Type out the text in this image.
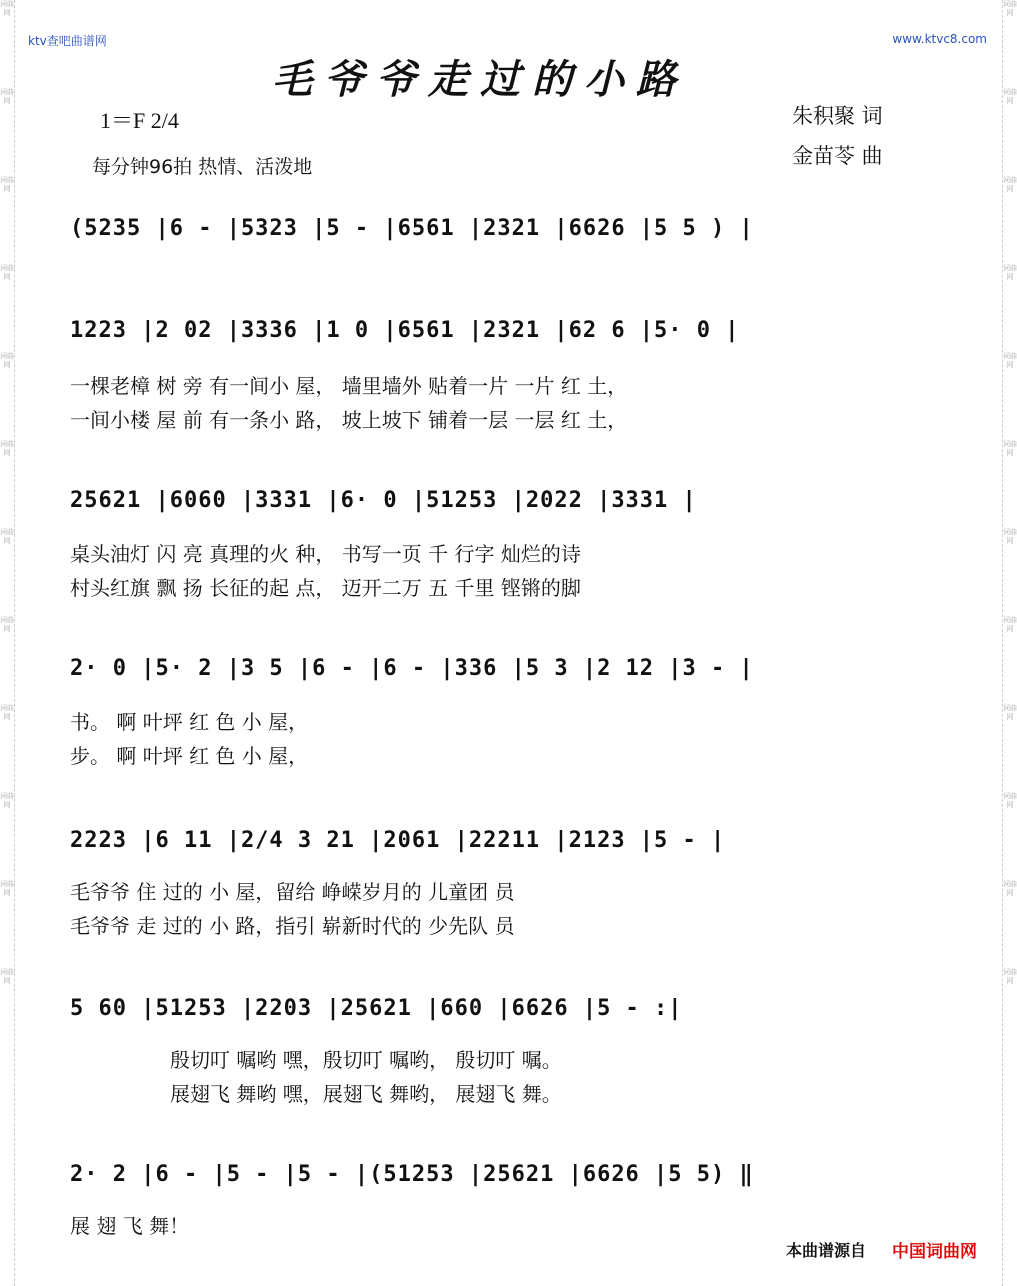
词曲网
词曲网
词曲网
词曲网
词曲网
词曲网
词曲网
词曲网
词曲网
词曲网
词曲网
词曲网
词曲网
词曲网
词曲网
词曲网
词曲网
词曲网
词曲网
词曲网
词曲网
词曲网
词曲网
词曲网
ktv查吧曲谱网	www.ktvc8.com
毛爷爷走过的小路
1＝F 2/4
每分钟96拍 热情、活泼地
朱积聚 词
金苗苓 曲
(5235 |6 - |5323 |5 - |6561 |2321 |6626 |5 5 ) |
1223 |2 02 |3336 |1 0 |6561 |2321 |62 6 |5· 0 |
一棵老樟 树 旁 有一间小 屋， 墙里墙外 贴着一片 一片 红 土，
一间小楼 屋 前 有一条小 路， 坡上坡下 铺着一层 一层 红 土，
25621 |6060 |3331 |6· 0 |51253 |2022 |3331 |
桌头油灯 闪 亮 真理的火 种， 书写一页 千 行字 灿烂的诗
村头红旗 飘 扬 长征的起 点， 迈开二万 五 千里 铿锵的脚
2· 0 |5· 2 |3 5 |6 - |6 - |336 |5 3 |2 12 |3 - |
书。 啊 叶坪 红 色 小 屋，
步。 啊 叶坪 红 色 小 屋，
2223 |6 11 |2/4 3 21 |2061 |22211 |2123 |5 - |
毛爷爷 住 过的 小 屋，留给 峥嵘岁月的 儿童团 员
毛爷爷 走 过的 小 路，指引 崭新时代的 少先队 员
5 60 |51253 |2203 |25621 |660 |6626 |5 - :|
殷切叮 嘱哟 嘿，殷切叮 嘱哟， 殷切叮 嘱。
展翅飞 舞哟 嘿，展翅飞 舞哟， 展翅飞 舞。
2· 2 |6 - |5 - |5 - |(51253 |25621 |6626 |5 5) ‖
展 翅 飞 舞！
本曲谱源自 中国词曲网
